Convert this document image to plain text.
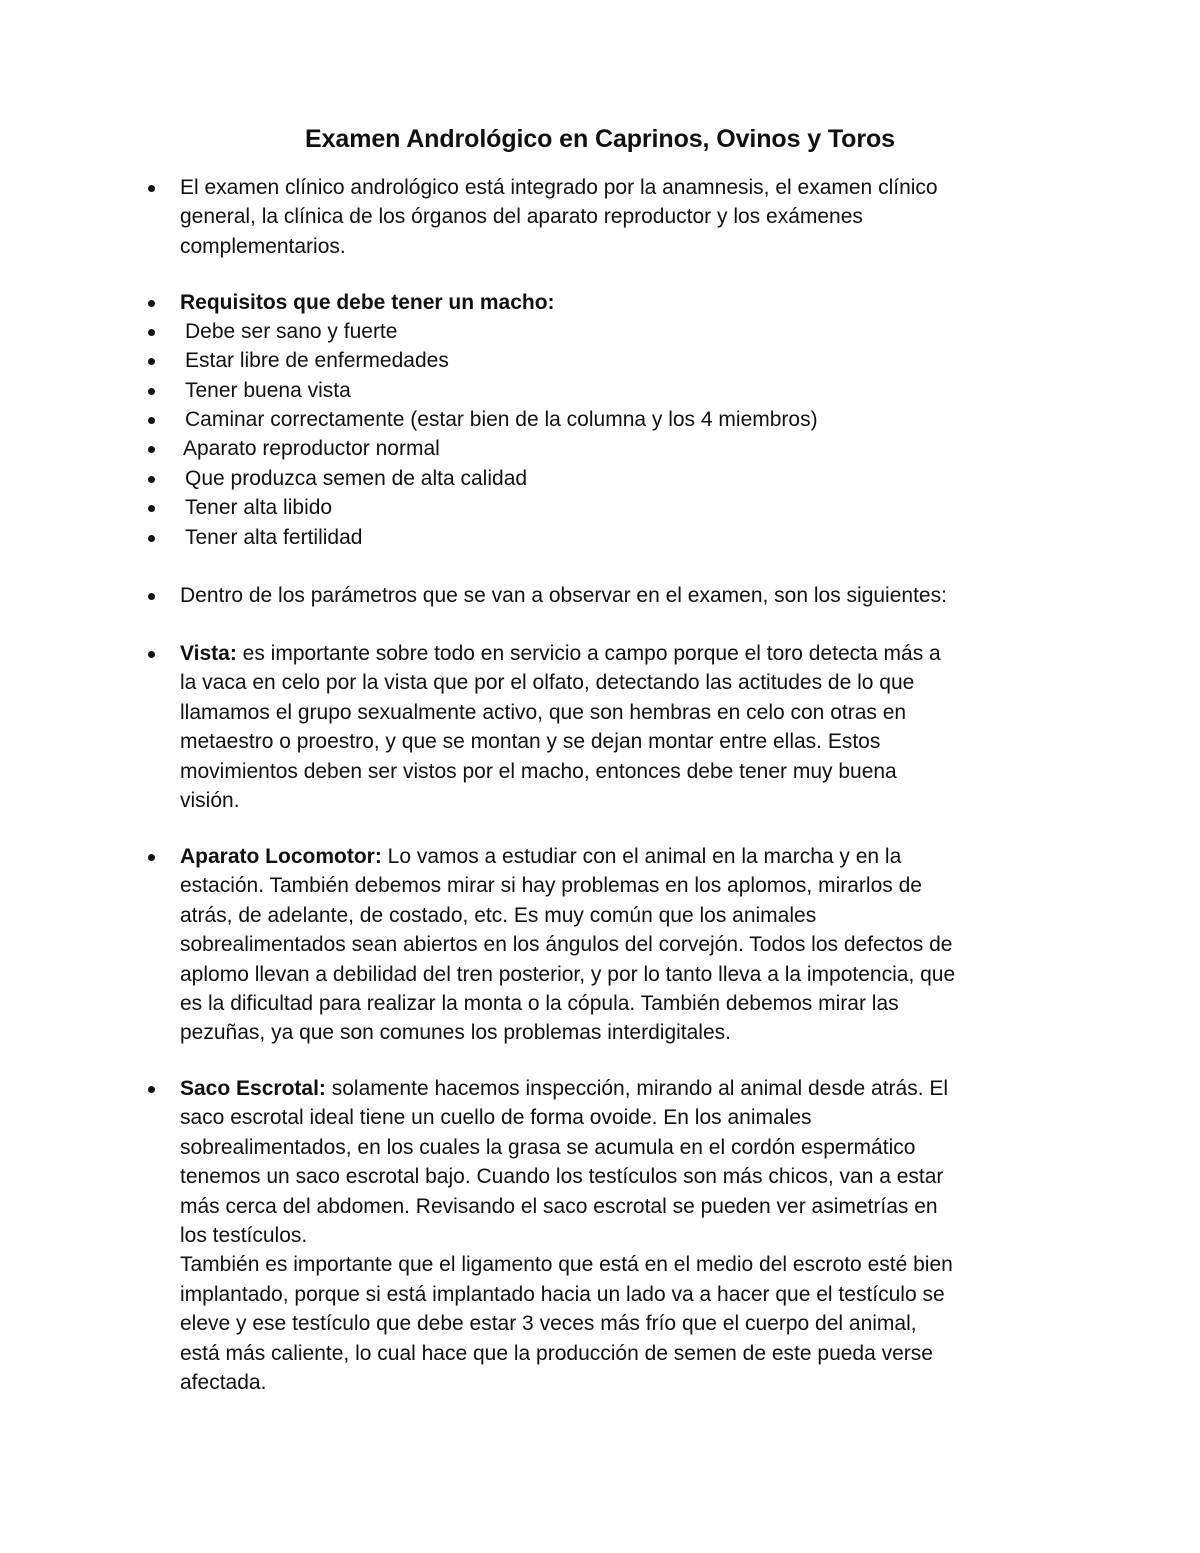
Examen Andrológico en Caprinos, Ovinos y Toros
El examen clínico andrológico está integrado por la anamnesis, el examen clínico
general, la clínica de los órganos del aparato reproductor y los exámenes
complementarios.
Requisitos que debe tener un macho:
Debe ser sano y fuerte
Estar libre de enfermedades
Tener buena vista
Caminar correctamente (estar bien de la columna y los 4 miembros)
Aparato reproductor normal
Que produzca semen de alta calidad
Tener alta libido
Tener alta fertilidad
Dentro de los parámetros que se van a observar en el examen, son los siguientes:
Vista: es importante sobre todo en servicio a campo porque el toro detecta más a
la vaca en celo por la vista que por el olfato, detectando las actitudes de lo que
llamamos el grupo sexualmente activo, que son hembras en celo con otras en
metaestro o proestro, y que se montan y se dejan montar entre ellas. Estos
movimientos deben ser vistos por el macho, entonces debe tener muy buena
visión.
Aparato Locomotor: Lo vamos a estudiar con el animal en la marcha y en la
estación. También debemos mirar si hay problemas en los aplomos, mirarlos de
atrás, de adelante, de costado, etc. Es muy común que los animales
sobrealimentados sean abiertos en los ángulos del corvejón. Todos los defectos de
aplomo llevan a debilidad del tren posterior, y por lo tanto lleva a la impotencia, que
es la dificultad para realizar la monta o la cópula. También debemos mirar las
pezuñas, ya que son comunes los problemas interdigitales.
Saco Escrotal: solamente hacemos inspección, mirando al animal desde atrás. El
saco escrotal ideal tiene un cuello de forma ovoide. En los animales
sobrealimentados, en los cuales la grasa se acumula en el cordón espermático
tenemos un saco escrotal bajo. Cuando los testículos son más chicos, van a estar
más cerca del abdomen. Revisando el saco escrotal se pueden ver asimetrías en
los testículos.
También es importante que el ligamento que está en el medio del escroto esté bien
implantado, porque si está implantado hacia un lado va a hacer que el testículo se
eleve y ese testículo que debe estar 3 veces más frío que el cuerpo del animal,
está más caliente, lo cual hace que la producción de semen de este pueda verse
afectada.
